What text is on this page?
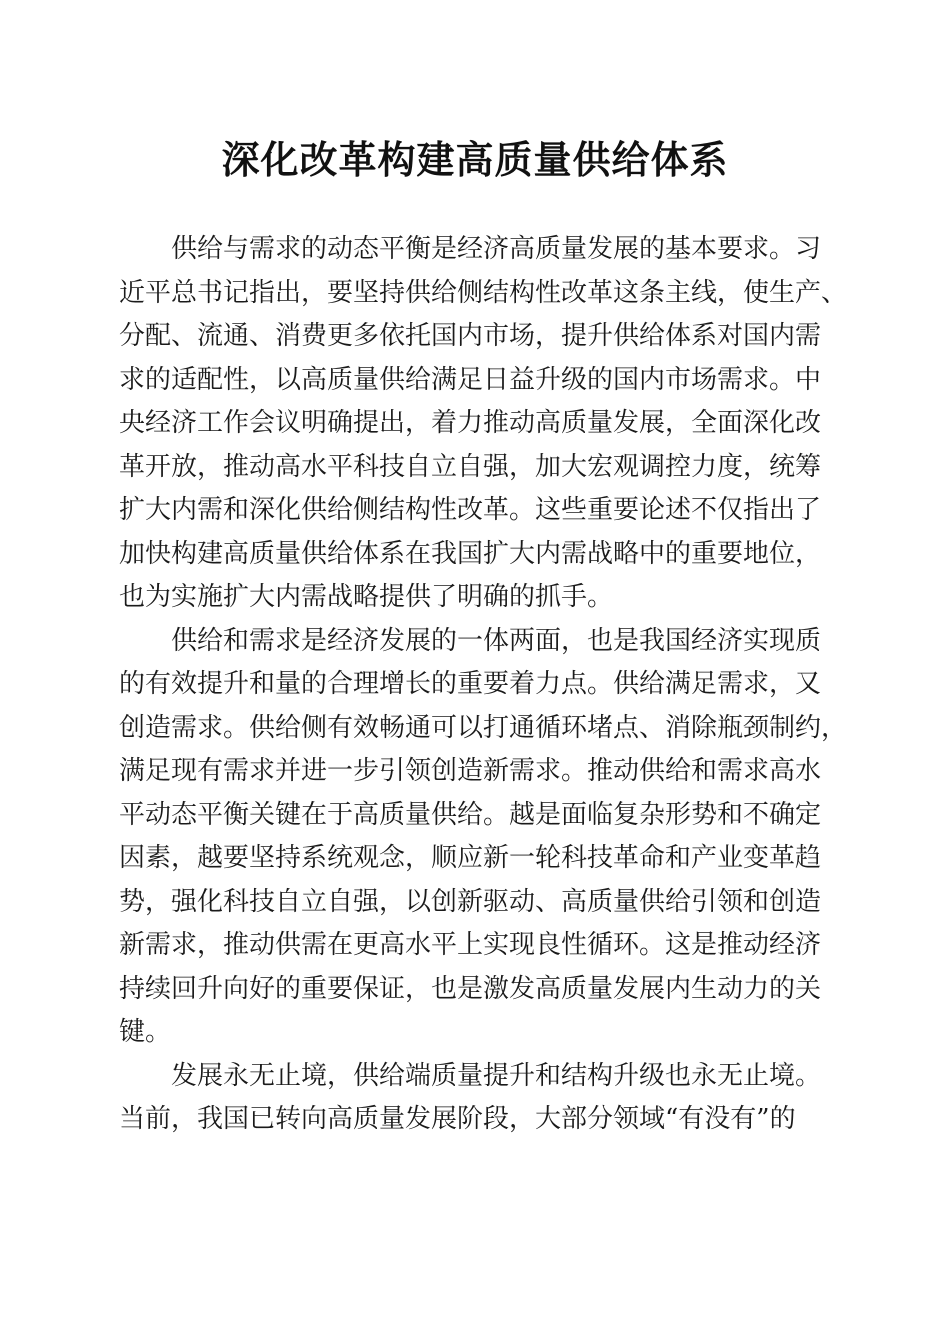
深化改革构建高质量供给体系
供给与需求的动态平衡是经济高质量发展的基本要求。习
近平总书记指出，要坚持供给侧结构性改革这条主线，使生产、
分配、流通、消费更多依托国内市场，提升供给体系对国内需
求的适配性，以高质量供给满足日益升级的国内市场需求。中
央经济工作会议明确提出，着力推动高质量发展，全面深化改
革开放，推动高水平科技自立自强，加大宏观调控力度，统筹
扩大内需和深化供给侧结构性改革。这些重要论述不仅指出了
加快构建高质量供给体系在我国扩大内需战略中的重要地位，
也为实施扩大内需战略提供了明确的抓手。
供给和需求是经济发展的一体两面，也是我国经济实现质
的有效提升和量的合理增长的重要着力点。供给满足需求，又
创造需求。供给侧有效畅通可以打通循环堵点、消除瓶颈制约，
满足现有需求并进一步引领创造新需求。推动供给和需求高水
平动态平衡关键在于高质量供给。越是面临复杂形势和不确定
因素，越要坚持系统观念，顺应新一轮科技革命和产业变革趋
势，强化科技自立自强，以创新驱动、高质量供给引领和创造
新需求，推动供需在更高水平上实现良性循环。这是推动经济
持续回升向好的重要保证，也是激发高质量发展内生动力的关
键。
发展永无止境，供给端质量提升和结构升级也永无止境。
当前，我国已转向高质量发展阶段，大部分领域“有没有”的
